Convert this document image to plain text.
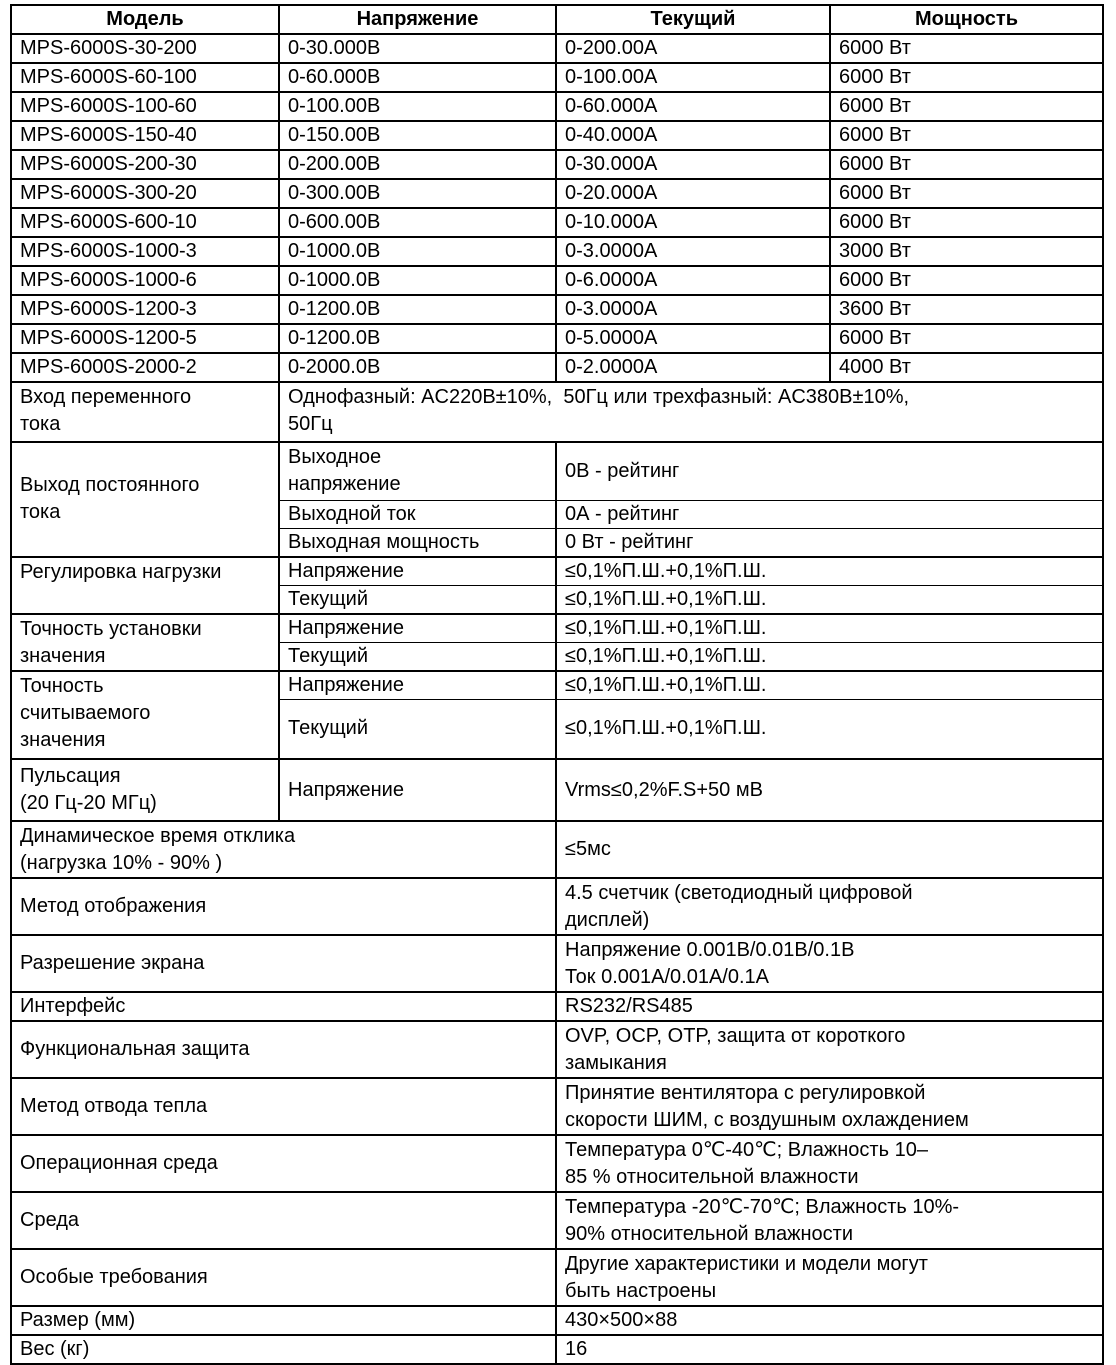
Модель	Напряжение	Текущий	Мощность
MPS-6000S-30-200	0-30.000В	0-200.00А	6000 Вт
MPS-6000S-60-100	0-60.000В	0-100.00А	6000 Вт
MPS-6000S-100-60	0-100.00В	0-60.000А	6000 Вт
MPS-6000S-150-40	0-150.00В	0-40.000А	6000 Вт
MPS-6000S-200-30	0-200.00В	0-30.000А	6000 Вт
MPS-6000S-300-20	0-300.00В	0-20.000А	6000 Вт
MPS-6000S-600-10	0-600.00В	0-10.000А	6000 Вт
MPS-6000S-1000-3	0-1000.0В	0-3.0000А	3000 Вт
MPS-6000S-1000-6	0-1000.0В	0-6.0000А	6000 Вт
MPS-6000S-1200-3	0-1200.0В	0-3.0000А	3600 Вт
MPS-6000S-1200-5	0-1200.0В	0-5.0000А	6000 Вт
MPS-6000S-2000-2	0-2000.0В	0-2.0000А	4000 Вт
Вход переменного
тока	Однофазный: AC220В±10%,  50Гц или трехфазный: AC380В±10%,
50Гц		
Выход постоянного
тока	Выходное
напряжение	0В - рейтинг	
	Выходной ток	0А - рейтинг	
	Выходная мощность	0 Вт - рейтинг	
Регулировка нагрузки	Напряжение	≤0,1%П.Ш.+0,1%П.Ш.	
	Текущий	≤0,1%П.Ш.+0,1%П.Ш.	
Точность установки
значения	Напряжение	≤0,1%П.Ш.+0,1%П.Ш.	
	Текущий	≤0,1%П.Ш.+0,1%П.Ш.	
Точность
считываемого
значения	Напряжение	≤0,1%П.Ш.+0,1%П.Ш.	
	Текущий	≤0,1%П.Ш.+0,1%П.Ш.	
Пульсация
(20 Гц-20 МГц)	Напряжение	Vrms≤0,2%F.S+50 мВ	
Динамическое время отклика
(нагрузка 10% - 90% )		≤5мс	
Метод отображения		4.5 счетчик (светодиодный цифровой
дисплей)	
Разрешение экрана		Напряжение 0.001В/0.01В/0.1В
Ток 0.001А/0.01А/0.1А	
Интерфейс		RS232/RS485	
Функциональная защита		OVP, OCP, OTP, защита от короткого
замыкания	
Метод отвода тепла		Принятие вентилятора с регулировкой
скорости ШИМ, с воздушным охлаждением	
Операционная среда		Температура 0℃-40℃; Влажность 10–
85 % относительной влажности	
Среда		Температура -20℃-70℃; Влажность 10%-
90% относительной влажности	
Особые требования		Другие характеристики и модели могут
быть настроены	
Размер (мм)		430×500×88	
Вес (кг)		16	
